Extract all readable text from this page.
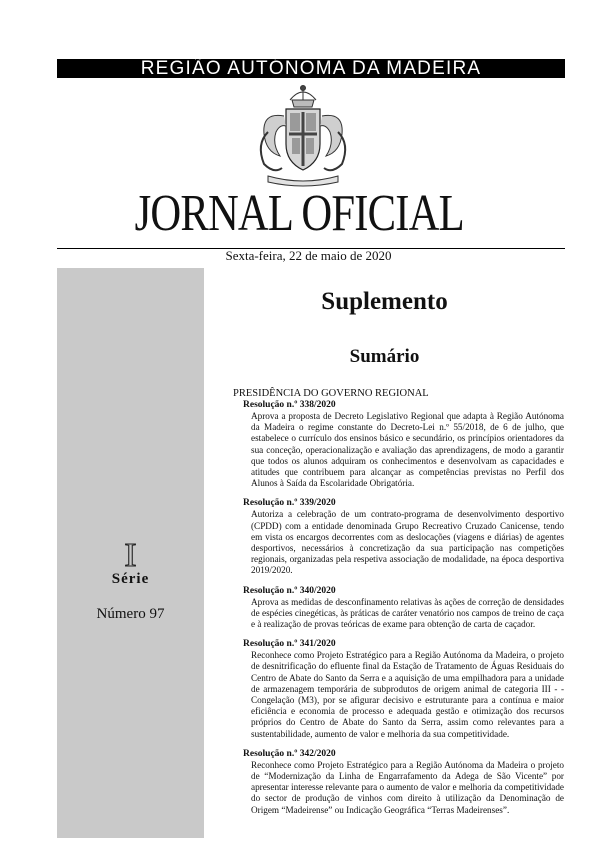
REGIÃO AUTÓNOMA DA MADEIRA
JORNAL OFICIAL
Sexta-feira, 22 de maio de 2020
I
Série
Número 97
Suplemento
Sumário
PRESIDÊNCIA DO GOVERNO REGIONAL
Resolução n.º 338/2020
Aprova a proposta de Decreto Legislativo Regional que adapta à Região Autónoma da Madeira o regime constante do Decreto-Lei n.º 55/2018, de 6 de julho, que estabelece o currículo dos ensinos básico e secundário, os princípios orientadores da sua conceção, operacionalização e avaliação das aprendizagens, de modo a garantir que todos os alunos adquiram os conhecimentos e desenvolvam as capacidades e atitudes que contribuem para alcançar as competências previstas no Perfil dos Alunos à Saída da Escolaridade Obrigatória.
Resolução n.º 339/2020
Autoriza a celebração de um contrato-programa de desenvolvimento desportivo (CPDD) com a entidade denominada Grupo Recreativo Cruzado Canicense, tendo em vista os encargos decorrentes com as deslocações (viagens e diárias) de agentes desportivos, necessários à concretização da sua participação nas competições regionais, organizadas pela respetiva associação de modalidade, na época desportiva 2019/2020.
Resolução n.º 340/2020
Aprova as medidas de desconfinamento relativas às ações de correção de densidades de espécies cinegéticas, às práticas de caráter venatório nos campos de treino de caça e à realização de provas teóricas de exame para obtenção de carta de caçador.
Resolução n.º 341/2020
Reconhece como Projeto Estratégico para a Região Autónoma da Madeira, o projeto de desnitrificação do efluente final da Estação de Tratamento de Águas Residuais do Centro de Abate do Santo da Serra e a aquisição de uma empilhadora para a unidade de armazenagem temporária de subprodutos de origem animal de categoria III - - Congelação (M3), por se afigurar decisivo e estruturante para a contínua e maior eficiência e economia de processo e adequada gestão e otimização dos recursos próprios do Centro de Abate do Santo da Serra, assim como relevantes para a sustentabilidade, aumento de valor e melhoria da sua competitividade.
Resolução n.º 342/2020
Reconhece como Projeto Estratégico para a Região Autónoma da Madeira o projeto de “Modernização da Linha de Engarrafamento da Adega de São Vicente” por apresentar interesse relevante para o aumento de valor e melhoria da competitividade do sector de produção de vinhos com direito à utilização da Denominação de Origem “Madeirense” ou Indicação Geográfica “Terras Madeirenses”.
